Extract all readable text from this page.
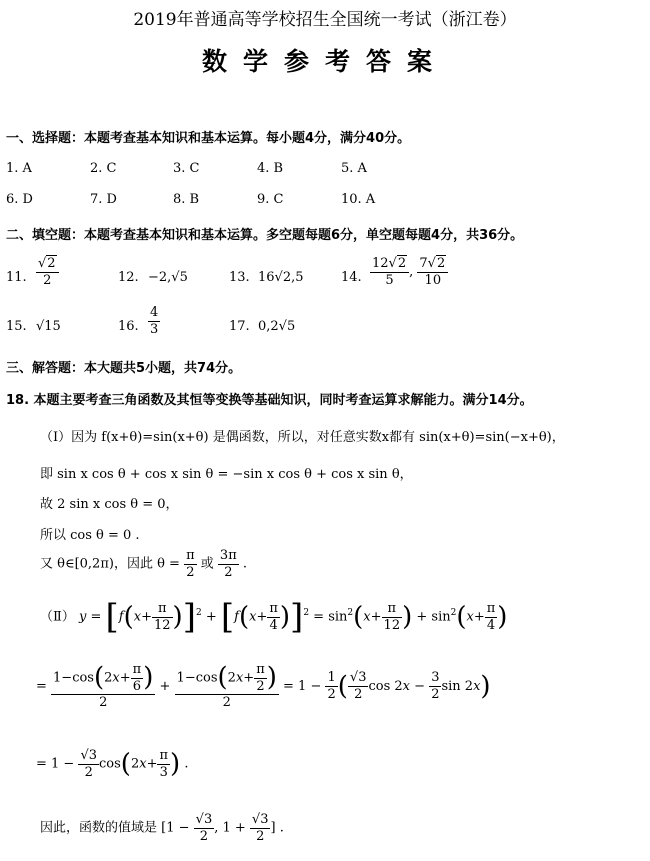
2019年普通高等学校招生全国统一考试（浙江卷）
数学参考答案
一、选择题：本题考查基本知识和基本运算。每小题4分，满分40分。
1. A	2. C	3. C	4. B	5. A
6. D	7. D	8. B	9. C	10. A
二、填空题：本题考查基本知识和基本运算。多空题每题6分，单空题每题4分，共36分。
11. $\frac{√2}{2}$	12. −2,√5	13. 16√2,5	14. $\frac{12√2}{5}$ , $\frac{7√2}{10}$
15. √15	16. $\frac{4}{3}$	17. 0,2√5
三、解答题：本大题共5小题，共74分。
18. 本题主要考查三角函数及其恒等变换等基础知识，同时考查运算求解能力。满分14分。
（I）因为 f(x+θ)=sin(x+θ) 是偶函数，所以，对任意实数x都有 sin(x+θ)=sin(−x+θ)，
即 sin x cos θ + cos x sin θ = −sin x cos θ + cos x sin θ，
故 2 sin x cos θ = 0，
所以 cos θ = 0 .
又 θ∈[0,2π)，因此 $\theta = \frac{\pi}{2}$ 或 $\frac{3\pi}{2}$ .
（Ⅱ） $y = [f(x+ \frac{\pi}{12} )]^2 + [f(x+ \frac{\pi}{4} )]^2 = \sin^2(x+ \frac{\pi}{12}$ ) + $\sin^2(x+ \frac{\pi}{4}$ )
= $\frac{1-\cos(2x+ \frac{\pi}{6} )}{2} + \frac{1-\cos(2x+ \frac{\pi}{2} )}{2} = 1 - \frac{1}{2}$ ( $\frac{√3}{2}$ $\cos 2x - \frac{3}{2}$ sin 2x)
= $1 - \frac{√3}{2} \cos(2x+ \frac{\pi}{3}$ ) .
因此，函数的值域是 [$1 - \frac{√3}{2}$ , $1 + \frac{√3}{2}$ ] .
